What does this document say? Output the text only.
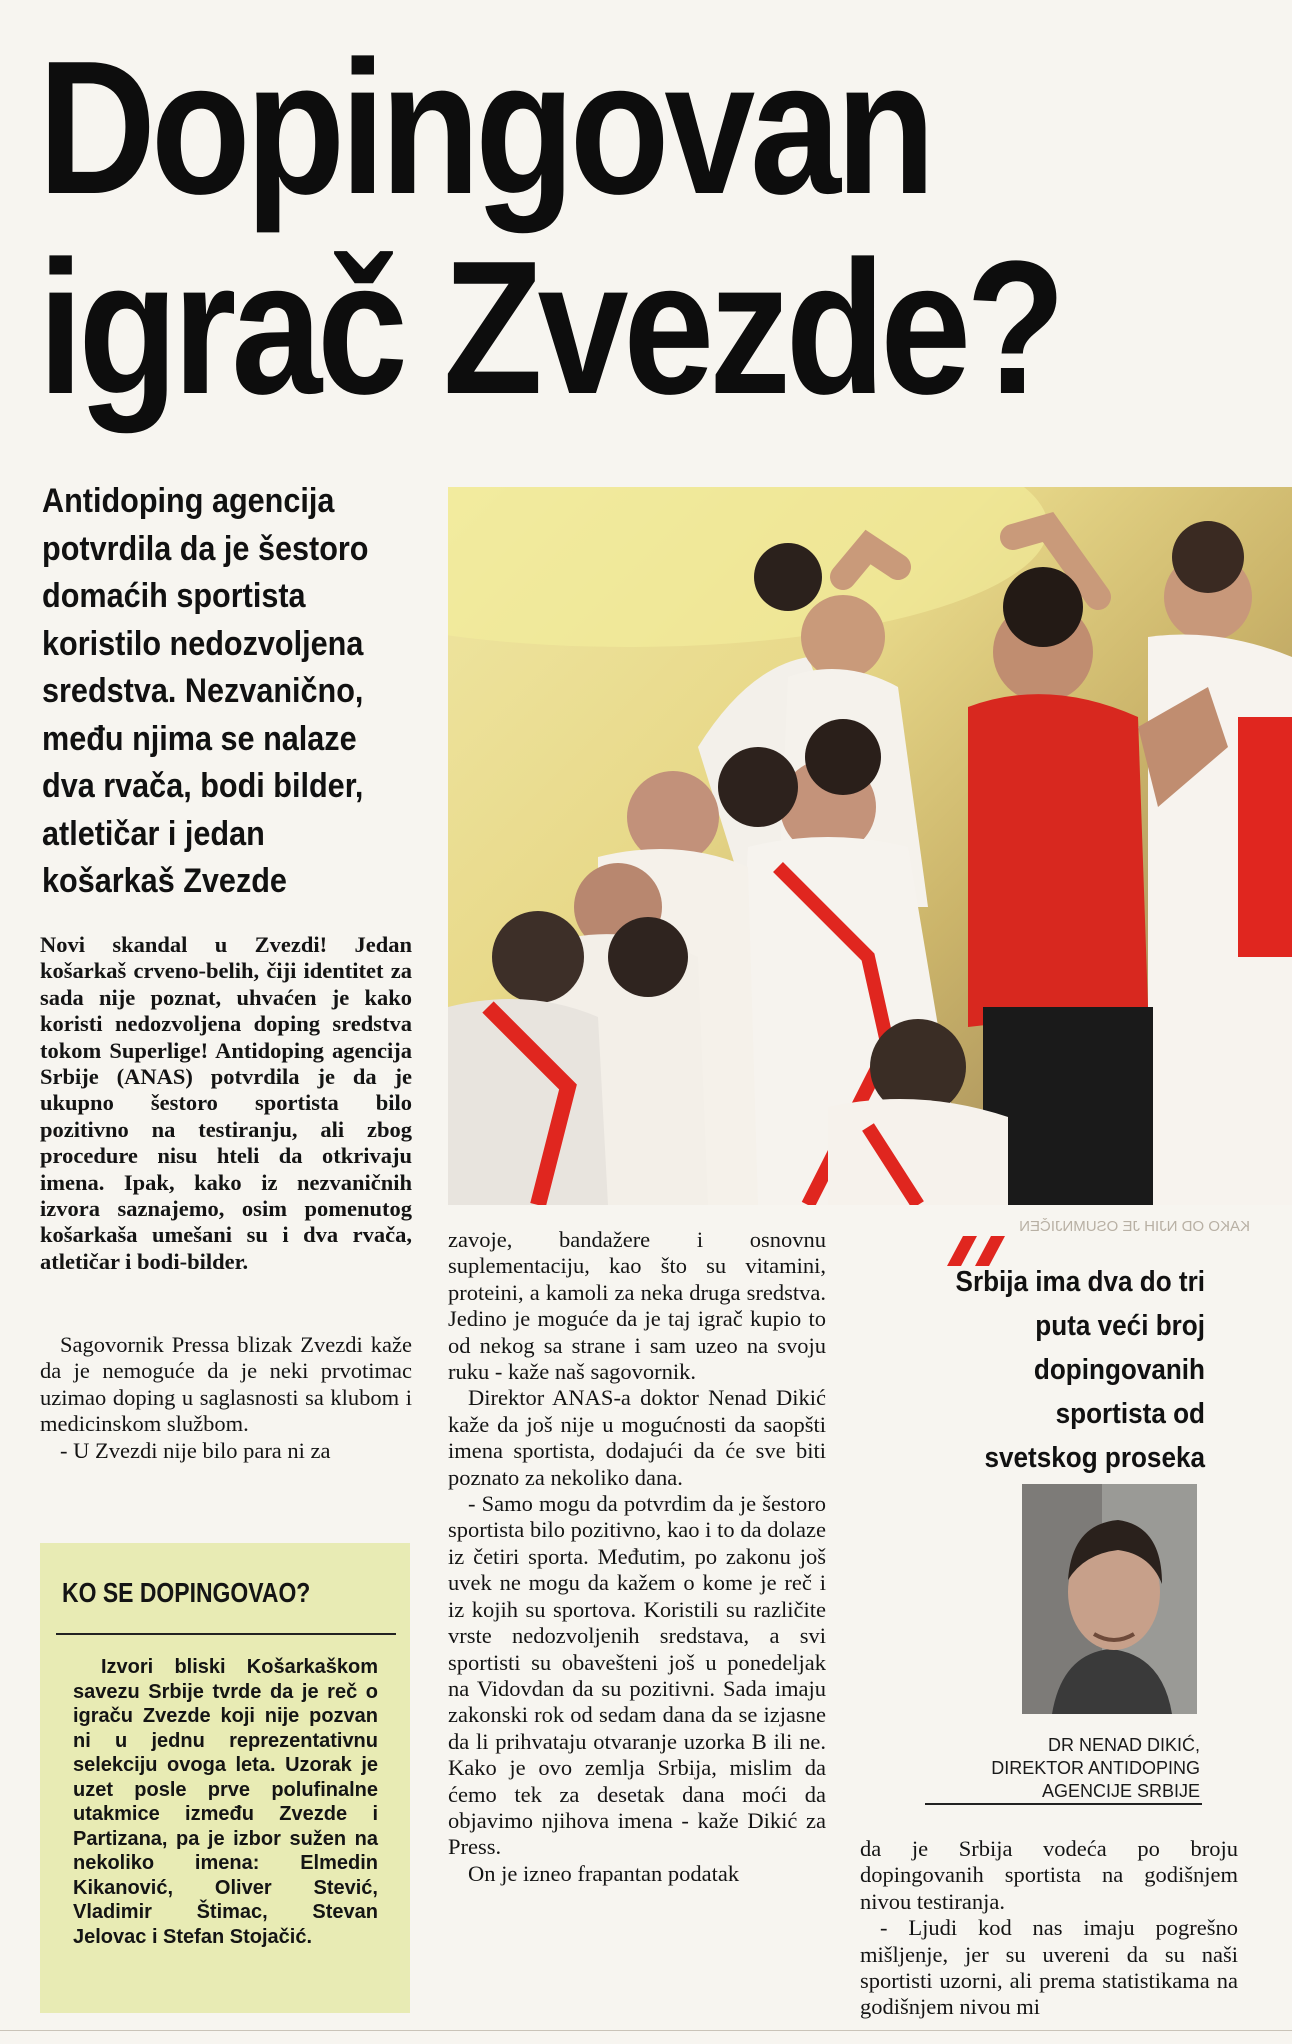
Dopingovan
igrač Zvezde?
Antidoping agencija potvrdila da je šestoro domaćih sportista koristilo nedozvoljena sredstva. Nezvanično, među njima se nalaze dva rvača, bodi bilder, atletičar i jedan košarkaš Zvezde

Novi skandal u Zvezdi! Jedan košarkaš crveno-belih, čiji identitet za sada nije poznat, uhvaćen je kako koristi nedozvoljena doping sredstva tokom Superlige! Antidoping agencija Srbije (ANAS) potvrdila je da je ukupno šestoro sportista bilo pozitivno na testiranju, ali zbog procedure nisu hteli da otkrivaju imena. Ipak, kako iz nezvaničnih izvora saznajemo, osim pomenutog košarkaša umešani su i dva rvača, atletičar i bodi-bilder.

Sagovornik Pressa blizak Zvezdi kaže da je nemoguće da je neki prvotimac uzimao doping u saglasnosti sa klubom i medicinskom službom.

- U Zvezdi nije bilo para ni za

zavoje, bandažere i osnovnu suplementaciju, kao što su vitamini, proteini, a kamoli za neka druga sredstva. Jedino je moguće da je taj igrač kupio to od nekog sa strane i sam uzeo na svoju ruku - kaže naš sagovornik.

Direktor ANAS-a doktor Nenad Dikić kaže da još nije u mogućnosti da saopšti imena sportista, dodajući da će sve biti poznato za nekoliko dana.

- Samo mogu da potvrdim da je šestoro sportista bilo pozitivno, kao i to da dolaze iz četiri sporta. Međutim, po zakonu još uvek ne mogu da kažem o kome je reč i iz kojih su sportova. Koristili su različite vrste nedozvoljenih sredstava, a svi sportisti su obavešteni još u ponedeljak na Vidovdan da su pozitivni. Sada imaju zakonski rok od sedam dana da se izjasne da li prihvataju otvaranje uzorka B ili ne. Kako je ovo zemlja Srbija, mislim da ćemo tek za desetak dana moći da objavimo njihova imena - kaže Dikić za Press.

On je izneo frapantan podatak

da je Srbija vodeća po broju dopingovanih sportista na godišnjem nivou testiranja.

- Ljudi kod nas imaju pogrešno mišljenje, jer su uvereni da su naši sportisti uzorni, ali prema statistikama na godišnjem nivou mi

KAKO OD NJIH JE OSUMNJIČEN
Srbija ima dva do tri puta veći broj dopingovanih sportista od svetskog proseka
DR NENAD DIKIĆ,
DIREKTOR ANTIDOPING
AGENCIJE SRBIJE
KO SE DOPINGOVAO?

Izvori bliski Košarkaškom savezu Srbije tvrde da je reč o igraču Zvezde koji nije pozvan ni u jednu reprezentativnu selekciju ovoga leta. Uzorak je uzet posle prve polufinalne utakmice između Zvezde i Partizana, pa je izbor sužen na nekoliko imena: Elmedin Kikanović, Oliver Stević, Vladimir Štimac, Stevan Jelovac i Stefan Stojačić.
